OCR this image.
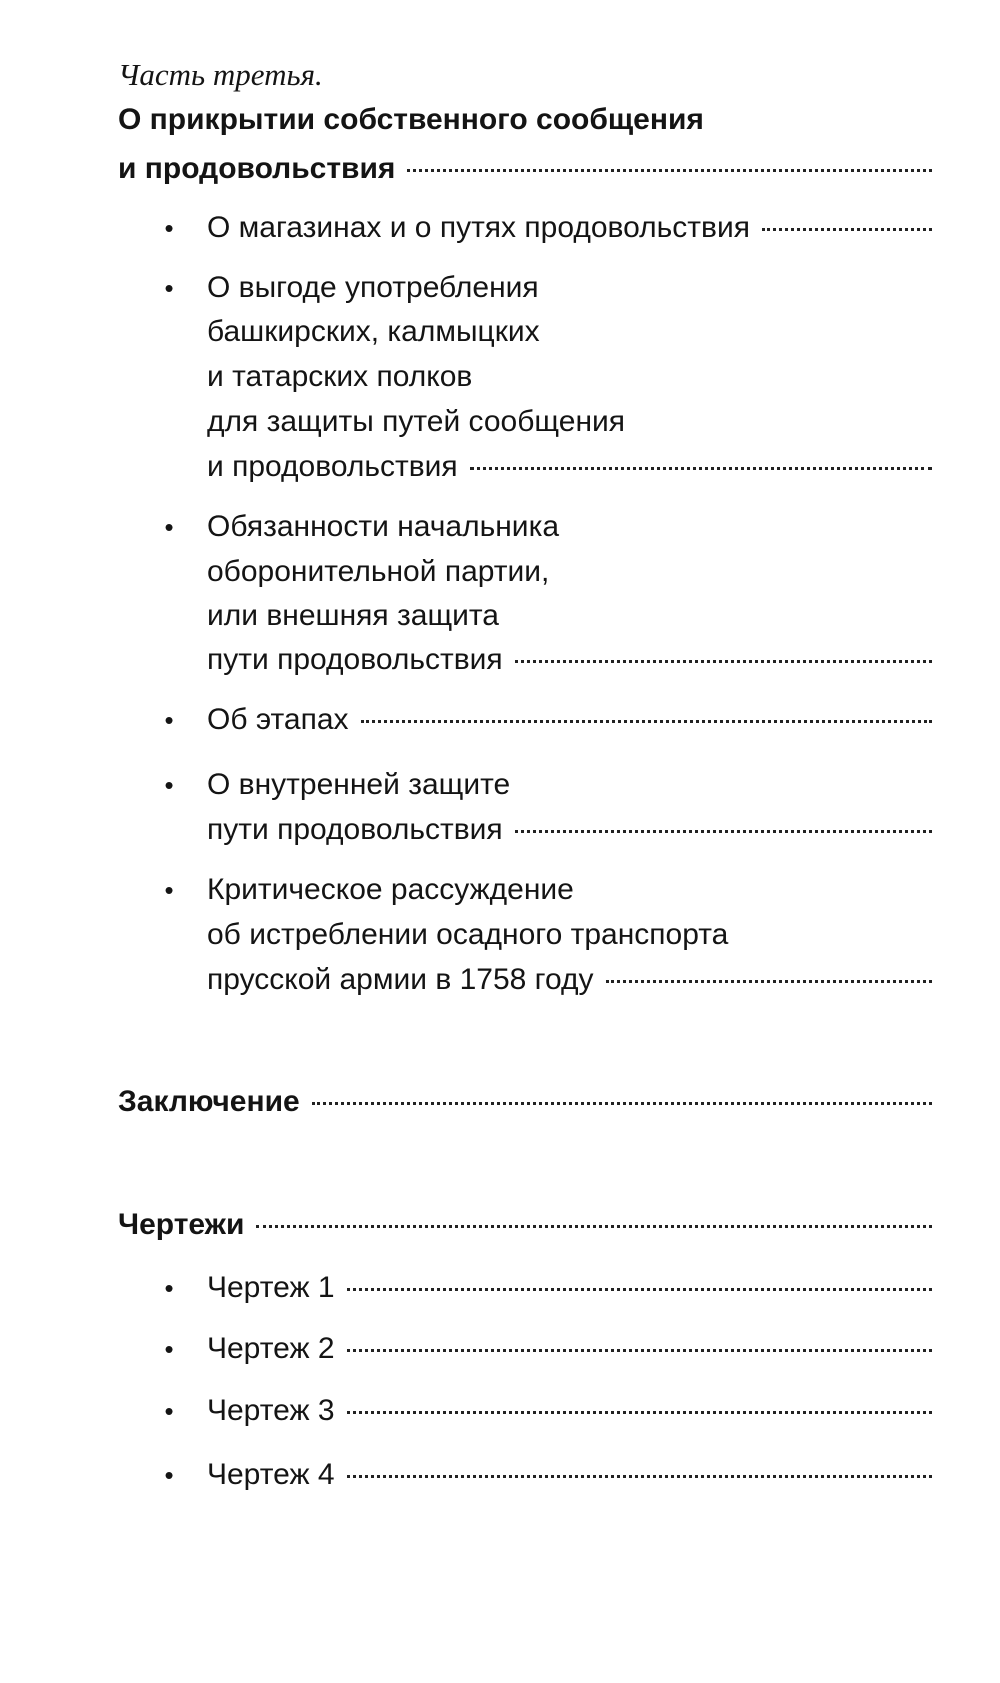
Часть третья.
О прикрытии собственного сообщения
и продовольствия
• О магазинах и о путях продовольствия
• О выгоде употребления
башкирских, калмыцких
и татарских полков
для защиты путей сообщения
и продовольствия
• Обязанности начальника
оборонительной партии,
или внешняя защита
пути продовольствия
• Об этапах
• О внутренней защите
пути продовольствия
• Критическое рассуждение
об истреблении осадного транспорта
прусской армии в 1758 году
Заключение
Чертежи
• Чертеж 1
• Чертеж 2
• Чертеж 3
• Чертеж 4
